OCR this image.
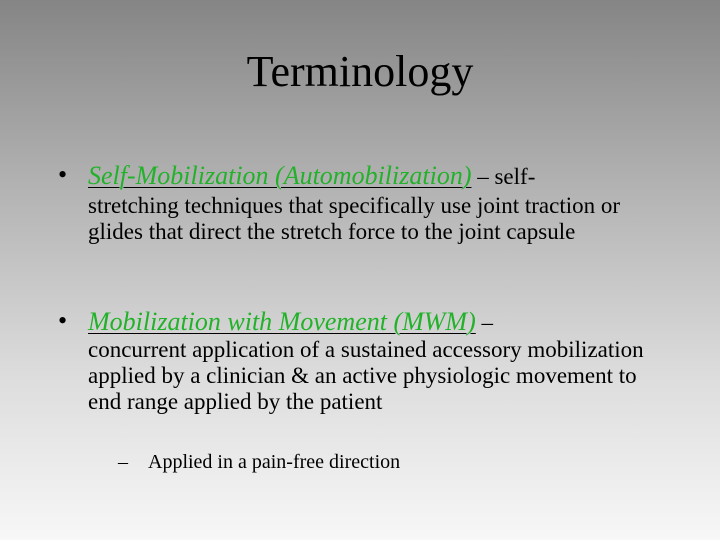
Terminology
• Self-Mobilization (Automobilization) – self-
stretching techniques that specifically use joint traction or glides that direct the stretch force to the joint capsule
• Mobilization with Movement (MWM) –
concurrent application of a sustained accessory mobilization applied by a clinician & an active physiologic movement to end range applied by the patient
– Applied in a pain-free direction
